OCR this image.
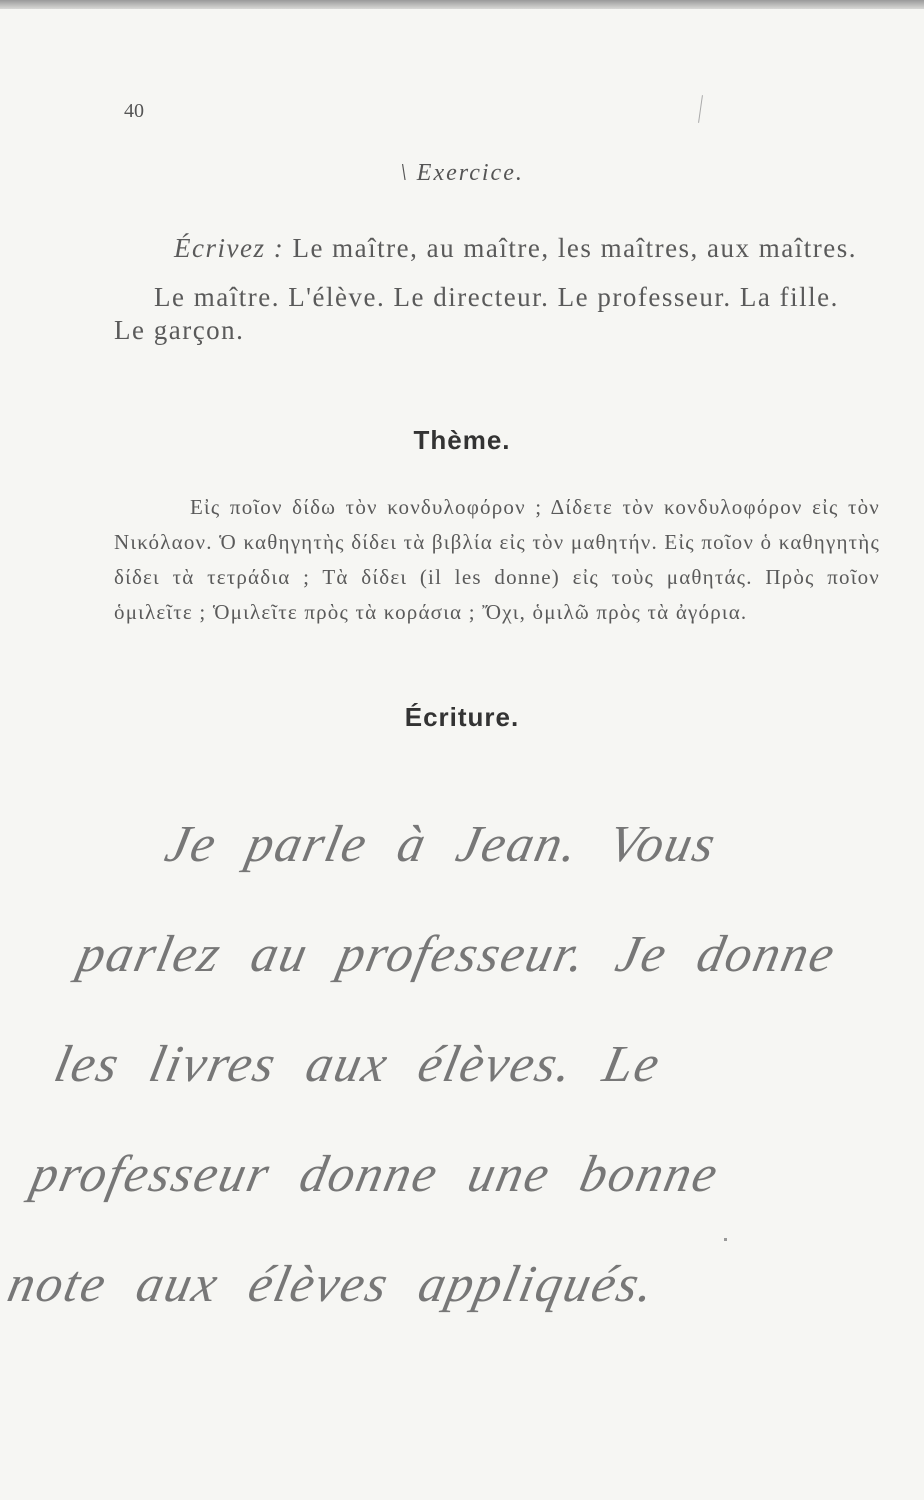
40
\ Exercice.

Écrivez : Le maître, au maître, les maîtres, aux maîtres.

Le maître. L'élève. Le directeur. Le professeur. La fille. Le garçon.

Thème.

Εἰς ποῖον δίδω τὸν κονδυλοφόρον ; Δίδετε τὸν κονδυλοφόρον εἰς τὸν Νικόλαον. Ὁ καθηγητὴς δίδει τὰ βιβλία εἰς τὸν μαθητήν. Εἰς ποῖον ὁ καθηγητὴς δίδει τὰ τετράδια ; Τὰ δίδει (il les donne) εἰς τοὺς μαθητάς. Πρὸς ποῖον ὁμιλεῖτε ; Ὁμιλεῖτε πρὸς τὰ κοράσια ; Ὄχι, ὁμιλῶ πρὸς τὰ ἀγόρια.

Écriture.

Je parle à Jean. Vous parlez au professeur. Je donne les livres aux élèves. Le professeur donne une bonne note aux élèves appliqués.
